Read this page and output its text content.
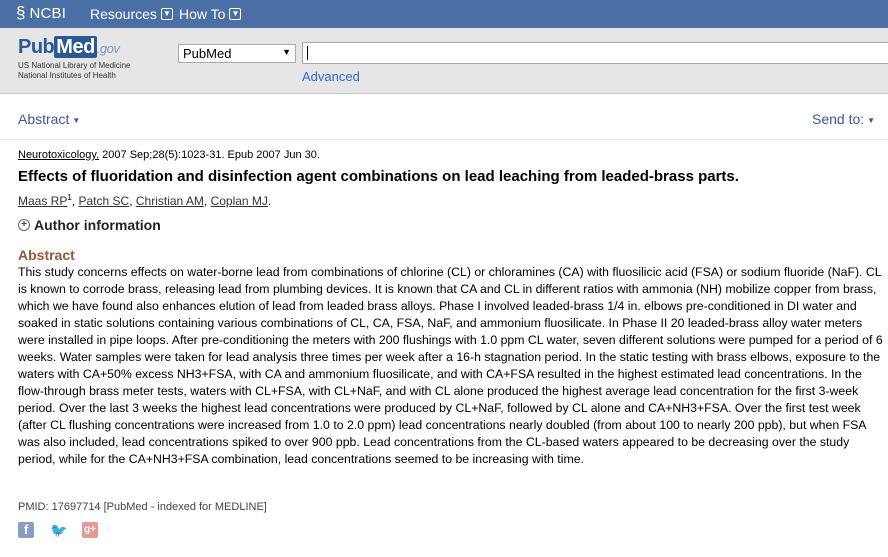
§ NCBI Resources ▼ How To ▼
Pub Med .gov
US National Library of Medicine
National Institutes of Health
PubMed	▼
Advanced
Abstract ▼	Send to: ▼
Neurotoxicology. 2007 Sep;28(5):1023-31. Epub 2007 Jun 30.
Effects of fluoridation and disinfection agent combinations on lead leaching from leaded-brass parts.
Maas $RP^1$, Patch SC, Christian AM, Coplan MJ.
+ Author information
Abstract
This study concerns effects on water-borne lead from combinations of chlorine (CL) or chloramines (CA) with fluosilicic acid (FSA) or sodium fluoride (NaF). CL is known to corrode brass, releasing lead from plumbing devices. It is known that CA and CL in different ratios with ammonia (NH) mobilize copper from brass, which we have found also enhances elution of lead from leaded brass alloys. Phase I involved leaded-brass 1/4 in. elbows pre-conditioned in DI water and soaked in static solutions containing various combinations of CL, CA, FSA, NaF, and ammonium fluosilicate. In Phase II 20 leaded-brass alloy water meters were installed in pipe loops. After pre-conditioning the meters with 200 flushings with 1.0 ppm CL water, seven different solutions were pumped for a period of 6 weeks. Water samples were taken for lead analysis three times per week after a 16-h stagnation period. In the static testing with brass elbows, exposure to the waters with CA+50% excess NH3+FSA, with CA and ammonium fluosilicate, and with CA+FSA resulted in the highest estimated lead concentrations. In the flow-through brass meter tests, waters with CL+FSA, with CL+NaF, and with CL alone produced the highest average lead concentration for the first 3-week period. Over the last 3 weeks the highest lead concentrations were produced by CL+NaF, followed by CL alone and CA+NH3+FSA. Over the first test week (after CL flushing concentrations were increased from 1.0 to 2.0 ppm) lead concentrations nearly doubled (from about 100 to nearly 200 ppb), but when FSA was also included, lead concentrations spiked to over 900 ppb. Lead concentrations from the CL-based waters appeared to be decreasing over the study period, while for the CA+NH3+FSA combination, lead concentrations seemed to be increasing with time.
PMID: 17697714 [PubMed - indexed for MEDLINE]
f	🐦 g+
